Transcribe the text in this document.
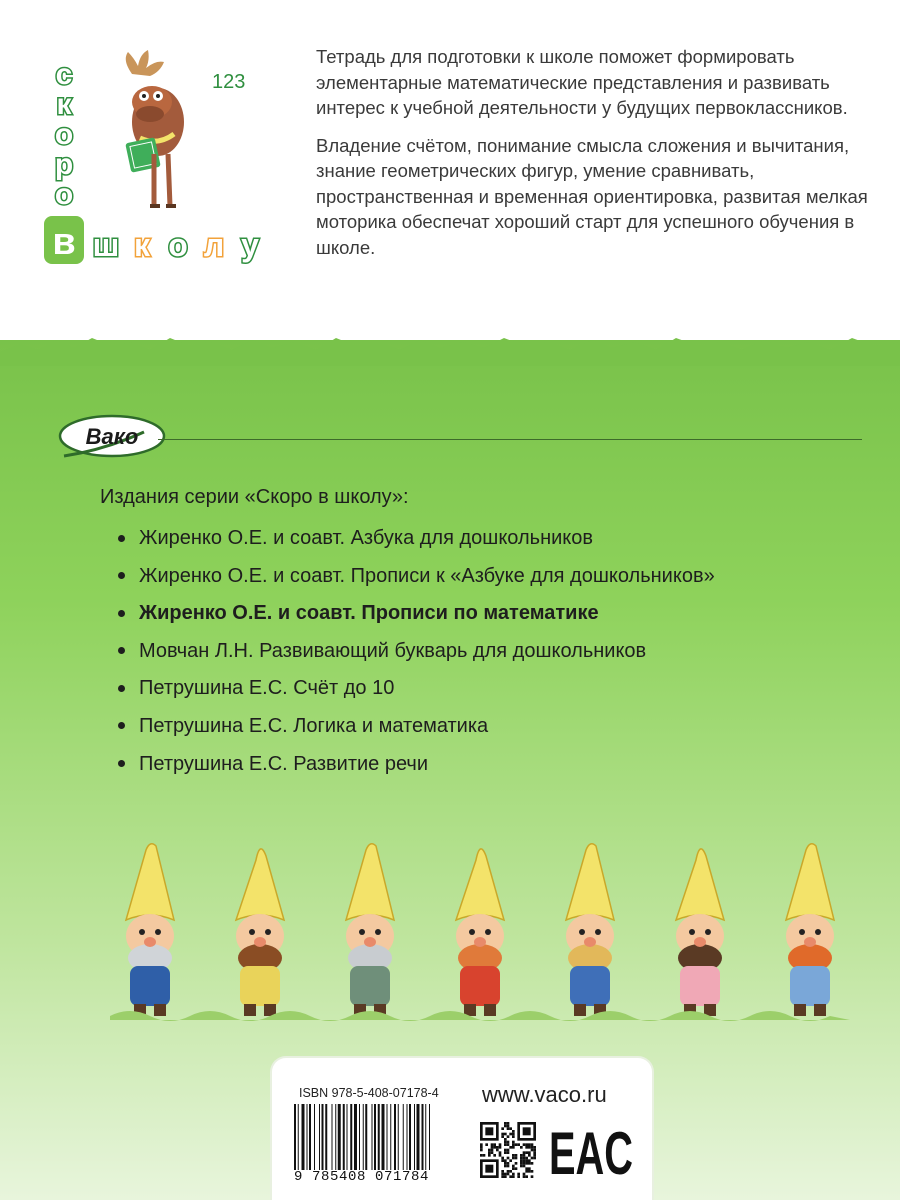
с
к
о
р
о
в ш к о л у
123

Тетрадь для подготовки к школе поможет формировать элементарные математические представления и развивать интерес к учебной деятельности у будущих первоклассников.

Владение счётом, понимание смысла сложения и вычитания, знание геометрических фигур, умение сравнивать, пространственная и временная ориентировка, развитая мелкая моторика обеспечат хороший старт для успешного обучения в школе.

Вако

Издания серии «Скоро в школу»:

Жиренко О.Е. и соавт. Азбука для дошкольников
Жиренко О.Е. и соавт. Прописи к «Азбуке для дошкольников»
Жиренко О.Е. и соавт. Прописи по математике
Мовчан Л.Н. Развивающий букварь для дошкольников
Петрушина Е.С. Счёт до 10
Петрушина Е.С. Логика и математика
Петрушина Е.С. Развитие речи
ISBN 978-5-408-07178-4
9 785408 071784
www.vaco.ru
EAC
